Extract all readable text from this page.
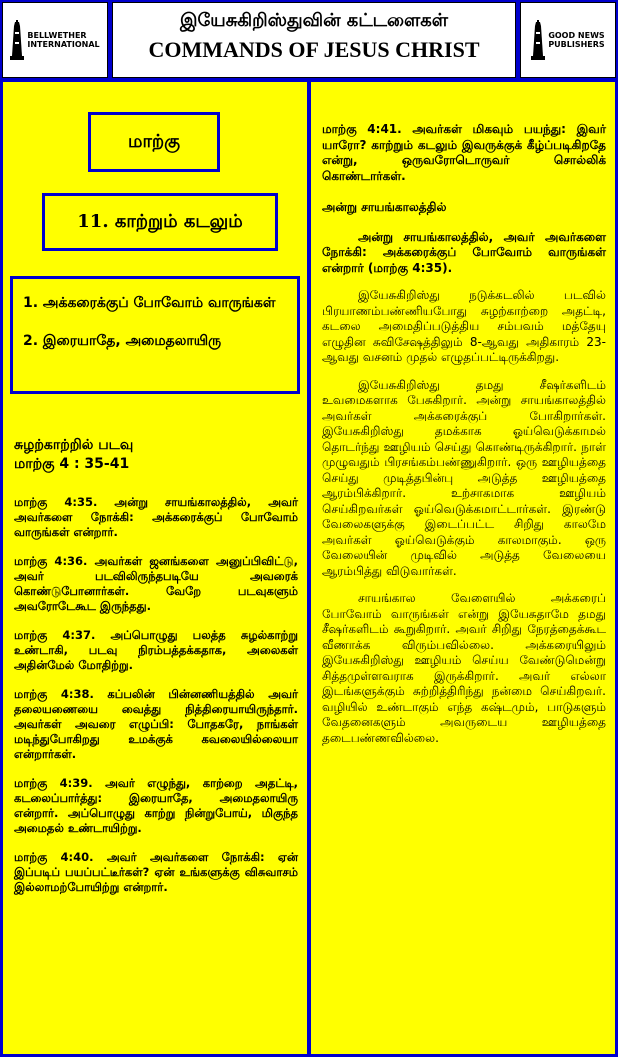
BELLWETHER
INTERNATIONAL
இயேசுகிறிஸ்துவின் கட்டளைகள்
COMMANDS OF JESUS CHRIST
GOOD NEWS
PUBLISHERS
மாற்கு
11. காற்றும் கடலும்

1. அக்கரைக்குப் போவோம் வாருங்கள்

2. இரையாதே, அமைதலாயிரு

சுழற்காற்றில் படவு
மாற்கு 4 : 35-41

மாற்கு 4:35. அன்று சாயங்காலத்தில், அவர் அவர்களை நோக்கி: அக்கரைக்குப் போவோம் வாருங்கள் என்றார்.

மாற்கு 4:36. அவர்கள் ஜனங்களை அனுப்பிவிட்டு, அவர் படவிலிருந்தபடியே அவரைக் கொண்டுபோனார்கள். வேறே படவுகளும் அவரோடேகூட இருந்தது.

மாற்கு 4:37. அப்பொழுது பலத்த சுழல்காற்று உண்டாகி, படவு நிரம்பத்தக்கதாக, அலைகள் அதின்மேல் மோதிற்று.

மாற்கு 4:38. கப்பலின் பின்னணியத்தில் அவர் தலையணையை வைத்து நித்திரையாயிருந்தார். அவர்கள் அவரை எழுப்பி: போதகரே, நாங்கள் மடிந்துபோகிறது உமக்குக் கவலையில்லையா என்றார்கள்.

மாற்கு 4:39. அவர் எழுந்து, காற்றை அதட்டி, கடலைப்பார்த்து: இரையாதே, அமைதலாயிரு என்றார். அப்பொழுது காற்று நின்றுபோய், மிகுந்த அமைதல் உண்டாயிற்று.

மாற்கு 4:40. அவர் அவர்களை நோக்கி: ஏன் இப்படிப் பயப்பட்டீர்கள்? ஏன் உங்களுக்கு விசுவாசம் இல்லாமற்போயிற்று என்றார்.

மாற்கு 4:41. அவர்கள் மிகவும் பயந்து: இவர் யாரோ? காற்றும் கடலும் இவருக்குக் கீழ்ப்படிகிறதே என்று, ஒருவரோடொருவர் சொல்லிக் கொண்டார்கள்.

அன்று சாயங்காலத்தில்

அன்று சாயங்காலத்தில், அவர் அவர்களை நோக்கி: அக்கரைக்குப் போவோம் வாருங்கள் என்றார் (மாற்கு 4:35).

இயேசுகிறிஸ்து நடுக்கடலில் படவில் பிரயாணம்பண்ணியபோது சுழற்காற்றை அதட்டி, கடலை அமைதிப்படுத்திய சம்பவம் மத்தேயு எழுதின சுவிசேஷத்திலும் 8-ஆவது அதிகாரம் 23-ஆவது வசனம் முதல் எழுதப்பட்டிருக்கிறது.

இயேசுகிறிஸ்து தமது சீஷர்களிடம் உவமைகளாக பேசுகிறார். அன்று சாயங்காலத்தில் அவர்கள் அக்கரைக்குப் போகிறார்கள். இயேசுகிறிஸ்து தமக்காக ஓய்வெடுக்காமல் தொடர்ந்து ஊழியம் செய்து கொண்டிருக்கிறார். நாள் முழுவதும் பிரசங்கம்பண்ணுகிறார். ஒரு ஊழியத்தை செய்து முடித்தபின்பு அடுத்த ஊழியத்தை ஆரம்பிக்கிறார். உற்சாகமாக ஊழியம் செய்கிறவர்கள் ஓய்வெடுக்கமாட்டார்கள். இரண்டு வேலைகளுக்கு இடைப்பட்ட சிறிது காலமே அவர்கள் ஓய்வெடுக்கும் காலமாகும். ஒரு வேலையின் முடிவில் அடுத்த வேலையை ஆரம்பித்து விடுவார்கள்.

சாயங்கால வேளையில் அக்கரைப் போவோம் வாருங்கள் என்று இயேசுதாமே தமது சீஷர்களிடம் கூறுகிறார். அவர் சிறிது நேரத்தைக்கூட வீணாக்க விரும்பவில்லை. அக்கரையிலும் இயேசுகிறிஸ்து ஊழியம் செய்ய வேண்டுமென்று சித்தமுள்ளவராக இருக்கிறார். அவர் எல்லா இடங்களுக்கும் சுற்றித்திரிந்து நன்மை செய்கிறவர். வழியில் உண்டாகும் எந்த கஷ்டமும், பாடுகளும் வேதனைகளும் அவருடைய ஊழியத்தை தடைபண்ணவில்லை.
